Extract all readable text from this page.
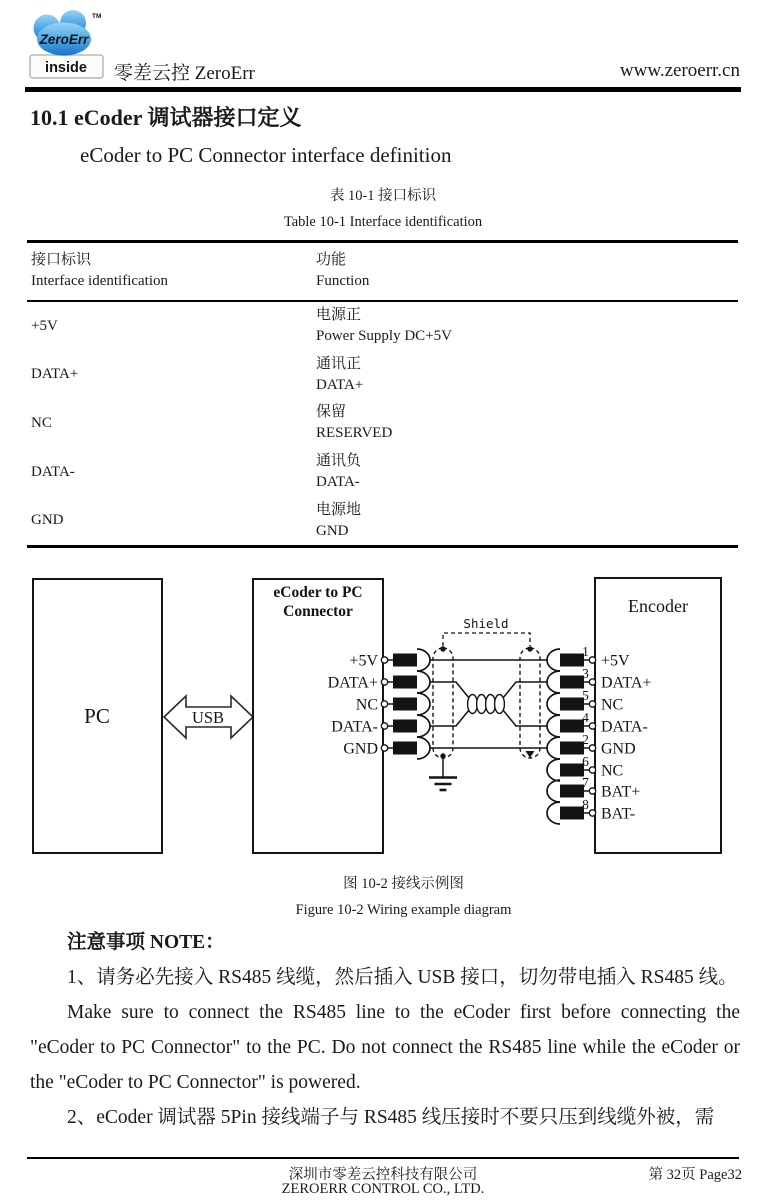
ZeroErr
TM
inside 零差云控 ZeroErr	www.zeroerr.cn
10.1 eCoder 调试器接口定义
eCoder to PC Connector interface definition
表 10-1 接口标识
Table 10-1 Interface identification
接口标识
Interface identification
功能
Function
+5V
电源正
Power Supply DC+5V
DATA+
通讯正
DATA+
NC
保留
RESERVED
DATA-
通讯负
DATA-
GND
电源地
GND
Shield
PC	USB
eCoder to PC
Connector
+5V
DATA+
NC
DATA-
GND
Encoder
1
+5V
3
DATA+
5
NC
4
DATA-
2
GND
6
NC
7
BAT+
8
BAT-
图 10-2 接线示例图
Figure 10-2 Wiring example diagram

注意事项 NOTE：

1、请务必先接入 RS485 线缆，然后插入 USB 接口，切勿带电插入 RS485 线。

Make sure to connect the RS485 line to the eCoder first before connecting the "eCoder to PC Connector" to the PC. Do not connect the RS485 line while the eCoder or the "eCoder to PC Connector" is powered.

2、eCoder 调试器 5Pin 接线端子与 RS485 线压接时不要只压到线缆外被，需

深圳市零差云控科技有限公司
ZEROERR CONTROL CO., LTD.
第 32页 Page32
